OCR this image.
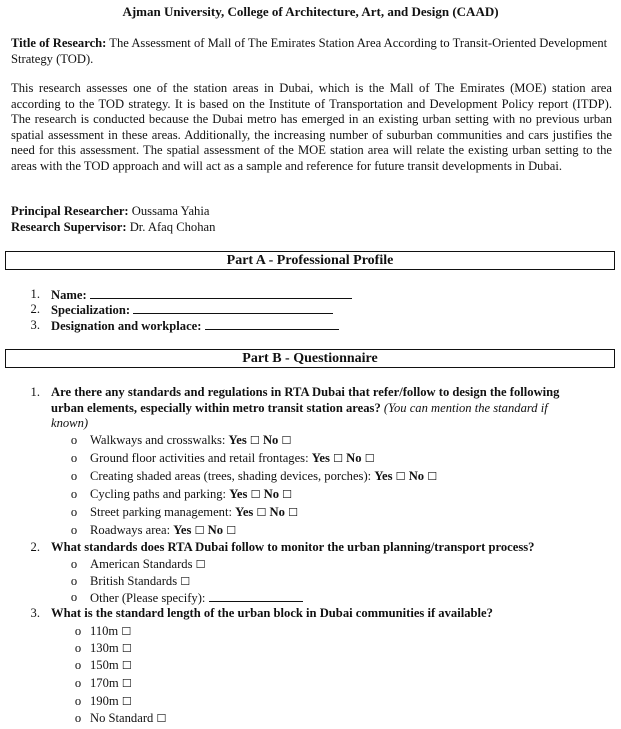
Ajman University, College of Architecture, Art, and Design (CAAD)
Title of Research: The Assessment of Mall of The Emirates Station Area According to Transit-Oriented Development Strategy (TOD).
This research assesses one of the station areas in Dubai, which is the Mall of The Emirates (MOE) station area according to the TOD strategy. It is based on the Institute of Transportation and Development Policy report (ITDP). The research is conducted because the Dubai metro has emerged in an existing urban setting with no previous urban spatial assessment in these areas. Additionally, the increasing number of suburban communities and cars justifies the need for this assessment. The spatial assessment of the MOE station area will relate the existing urban setting to the areas with the TOD approach and will act as a sample and reference for future transit developments in Dubai.
Principal Researcher: Oussama Yahia
Research Supervisor: Dr. Afaq Chohan
Part A - Professional Profile
1. Name:
2. Specialization:
3. Designation and workplace:
Part B - Questionnaire
1. Are there any standards and regulations in RTA Dubai that refer/follow to design the following
urban elements, especially within metro transit station areas? (You can mention the standard if
known)
o Walkways and crosswalks: Yes ☐ No ☐
o Ground floor activities and retail frontages: Yes ☐ No ☐
o Creating shaded areas (trees, shading devices, porches): Yes ☐ No ☐
o Cycling paths and parking: Yes ☐ No ☐
o Street parking management: Yes ☐ No ☐
o Roadways area: Yes ☐ No ☐
2. What standards does RTA Dubai follow to monitor the urban planning/transport process?
o American Standards ☐
o British Standards ☐
o Other (Please specify):
3. What is the standard length of the urban block in Dubai communities if available?
o 110m ☐
o 130m ☐
o 150m ☐
o 170m ☐
o 190m ☐
o No Standard ☐
